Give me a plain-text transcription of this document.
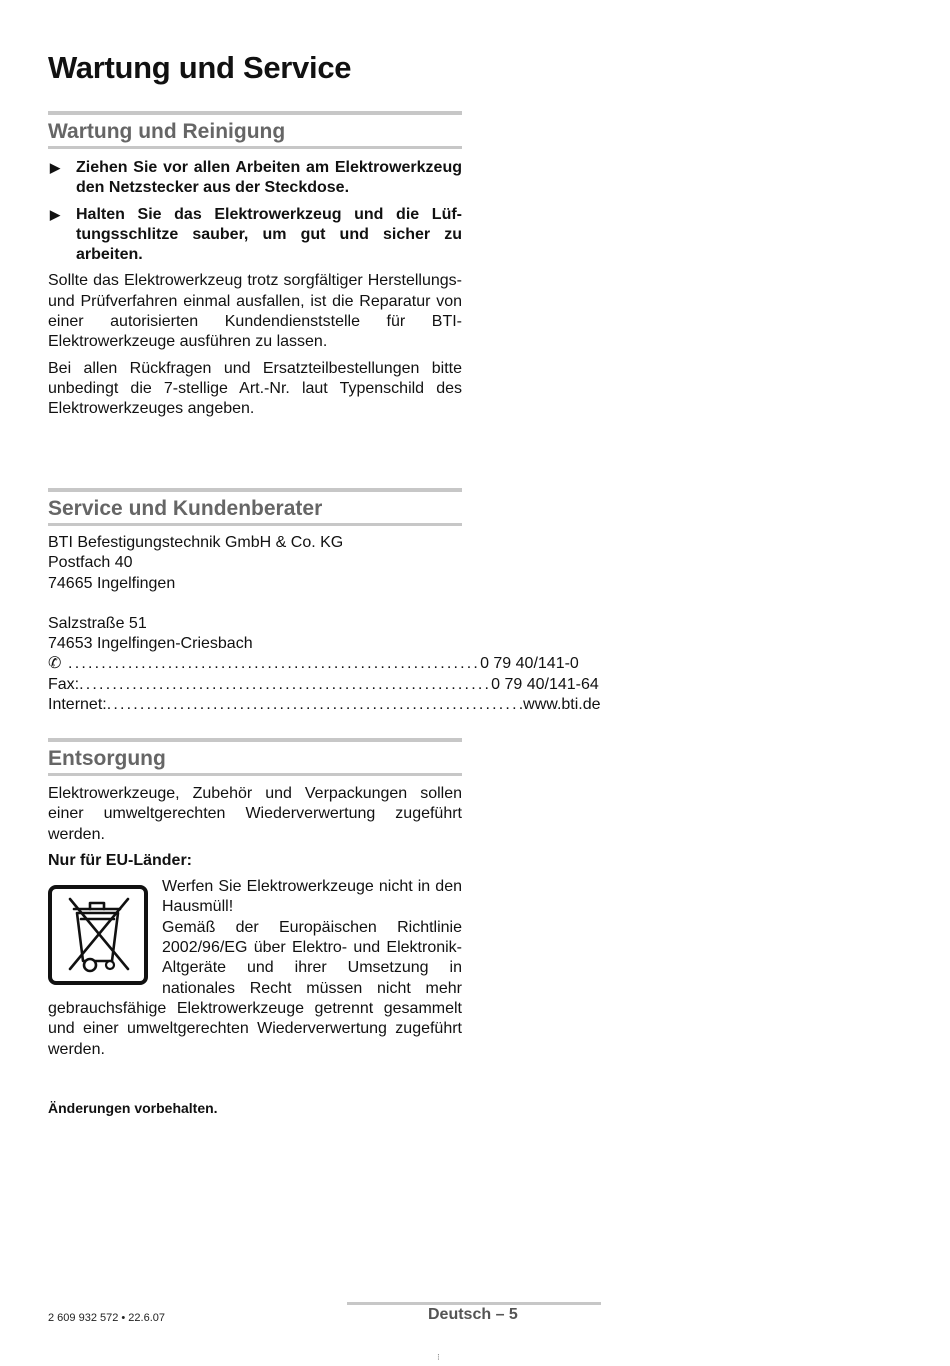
Wartung und Service
Wartung und Reinigung
▶	Ziehen Sie vor allen Arbeiten am Elektrowerkzeug den Netzstecker aus der Steckdose.

▶	Halten Sie das Elektrowerkzeug und die Lüftungsschlitze sauber, um gut und sicher zu arbeiten.

Sollte das Elektrowerkzeug trotz sorgfältiger Herstellungs- und Prüfverfahren einmal ausfallen, ist die Reparatur von einer autorisierten Kundendienststelle für BTI-Elektrowerkzeuge ausführen zu lassen.

Bei allen Rückfragen und Ersatzteilbestellungen bitte unbedingt die 7-stellige Art.-Nr. laut Typenschild des Elektrowerkzeuges angeben.

Service und Kundenberater

BTI Befestigungstechnik GmbH & Co. KG

Postfach 40

74665 Ingelfingen

Salzstraße 51

74653 Ingelfingen-Criesbach

✆ .............................................................. 0 79 40/141-0
Fax: .............................................................. 0 79 40/141-64
Internet: .............................................................. .www.bti.de
Entsorgung

Elektrowerkzeuge, Zubehör und Verpackungen sollen einer umweltgerechten Wiederverwertung zugeführt werden.

Nur für EU-Länder:

Werfen Sie Elektrowerkzeuge nicht in den Hausmüll!

Gemäß der Europäischen Richtlinie 2002/96/EG über Elektro- und Elektronik-Altgeräte und ihrer Umsetzung in nationales Recht müssen nicht mehr gebrauchsfähige Elektrowerkzeuge getrennt gesammelt und einer umweltgerechten Wiederverwertung zugeführt werden.

Änderungen vorbehalten.

2 609 932 572 • 22.6.07	Deutsch – 5
⁝
